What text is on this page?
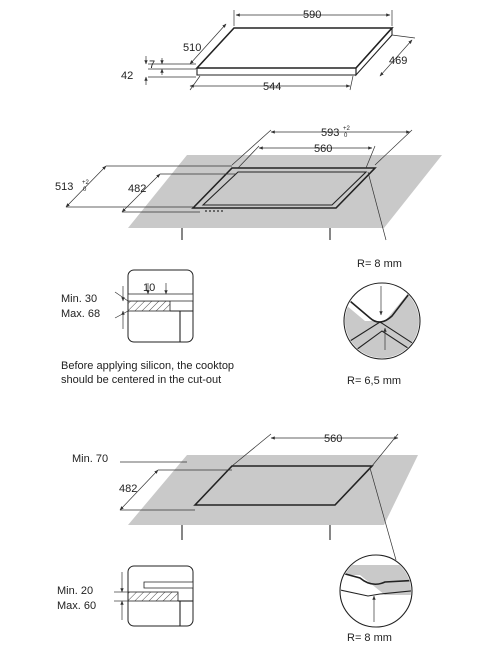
590
510
469
544
42
7
593 +2
0
560
513 +2
0	482
R= 8 mm
R= 6,5 mm
10
Min. 30
Max. 68
Before applying silicon, the cooktop
should be centered in the cut-out
560
Min. 70
482
R= 8 mm
Min. 20
Max. 60
